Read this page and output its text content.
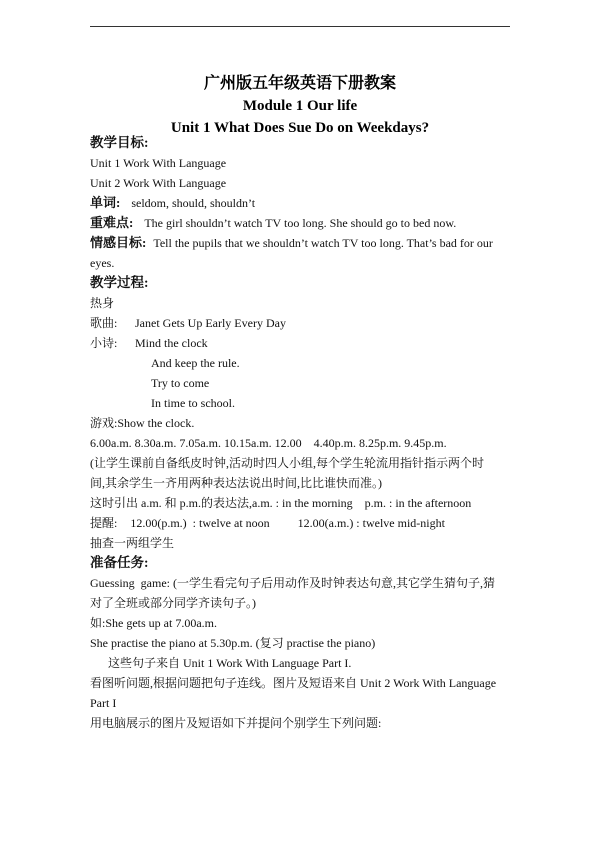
广州版五年级英语下册教案
Module 1 Our life
Unit 1 What Does Sue Do on Weekdays?
教学目标:
Unit 1 Work With Language
Unit 2 Work With Language
单词: seldom, should, shouldn’t
重难点: The girl shouldn’t watch TV too long. She should go to bed now.
情感目标: Tell the pupils that we shouldn’t watch TV too long. That’s bad for our
eyes.
教学过程:
热身
歌曲: Janet Gets Up Early Every Day
小诗: Mind the clock
And keep the rule.
Try to come
In time to school.
游戏:Show the clock.
6.00a.m. 8.30a.m. 7.05a.m. 10.15a.m. 12.00    4.40p.m. 8.25p.m. 9.45p.m.
(让学生课前自备纸皮时钟,活动时四人小组,每个学生轮流用指针指示两个时
间,其余学生一齐用两种表达法说出时间,比比谁快而准。)
这时引出 a.m. 和 p.m.的表达法,a.m. : in the morning    p.m. : in the afternoon
提醒: 12.00(p.m.)  : twelve at noon 12.00(a.m.) : twelve mid-night
抽查一两组学生
准备任务:
Guessing  game: (一学生看完句子后用动作及时钟表达句意,其它学生猜句子,猜
对了全班或部分同学齐读句子。)
如:She gets up at 7.00a.m.
She practise the piano at 5.30p.m. (复习 practise the piano)
这些句子来自 Unit 1 Work With Language Part I.
看图听问题,根据问题把句子连线。图片及短语来自 Unit 2 Work With Language
Part I
用电脑展示的图片及短语如下并提问个别学生下列问题:
